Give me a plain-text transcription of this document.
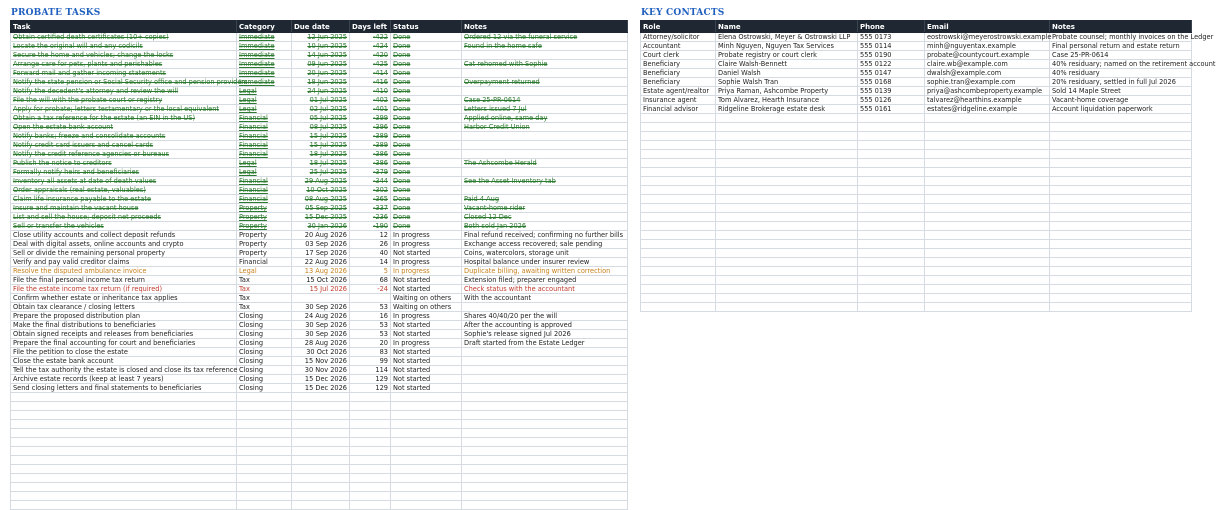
PROBATE TASKS	KEY CONTACTS
Task	Category	Due date	Days left	Status	Notes
Obtain certified death certificates (10+ copies)	Immediate	12 Jun 2025	-422	Done	Ordered 12 via the funeral service
Locate the original will and any codicils	Immediate	10 Jun 2025	-424	Done	Found in the home safe
Secure the home and vehicles; change the locks	Immediate	14 Jun 2025	-420	Done	
Arrange care for pets, plants and perishables	Immediate	09 Jun 2025	-425	Done	Cat rehomed with Sophie
Forward mail and gather incoming statements	Immediate	20 Jun 2025	-414	Done	
Notify the state pension or Social Security office and pension providers	Immediate	18 Jun 2025	-416	Done	Overpayment returned
Notify the decedent's attorney and review the will	Legal	24 Jun 2025	-410	Done	
File the will with the probate court or registry	Legal	01 Jul 2025	-402	Done	Case 25-PR-0614
Apply for probate; letters testamentary or the local equivalent	Legal	02 Jul 2025	-401	Done	Letters issued 7 Jul
Obtain a tax reference for the estate (an EIN in the US)	Financial	05 Jul 2025	-399	Done	Applied online, same day
Open the estate bank account	Financial	08 Jul 2025	-396	Done	Harbor Credit Union
Notify banks; freeze and consolidate accounts	Financial	15 Jul 2025	-389	Done	
Notify credit card issuers and cancel cards	Financial	15 Jul 2025	-389	Done	
Notify the credit reference agencies or bureaus	Financial	18 Jul 2025	-386	Done	
Publish the notice to creditors	Legal	18 Jul 2025	-386	Done	The Ashcombe Herald
Formally notify heirs and beneficiaries	Legal	25 Jul 2025	-379	Done	
Inventory all assets at date of death values	Financial	29 Aug 2025	-344	Done	See the Asset Inventory tab
Order appraisals (real estate, valuables)	Financial	10 Oct 2025	-302	Done	
Claim life insurance payable to the estate	Financial	08 Aug 2025	-365	Done	Paid 4 Aug
Insure and maintain the vacant house	Property	05 Sep 2025	-337	Done	Vacant-home rider
List and sell the house; deposit net proceeds	Property	15 Dec 2025	-236	Done	Closed 12 Dec
Sell or transfer the vehicles	Property	30 Jan 2026	-190	Done	Both sold Jan 2026
Close utility accounts and collect deposit refunds	Property	20 Aug 2026	12	In progress	Final refund received; confirming no further bills
Deal with digital assets, online accounts and crypto	Property	03 Sep 2026	26	In progress	Exchange access recovered; sale pending
Sell or divide the remaining personal property	Property	17 Sep 2026	40	Not started	Coins, watercolors, storage unit
Verify and pay valid creditor claims	Financial	22 Aug 2026	14	In progress	Hospital balance under insurer review
Resolve the disputed ambulance invoice	Legal	13 Aug 2026	5	In progress	Duplicate billing, awaiting written correction
File the final personal income tax return	Tax	15 Oct 2026	68	Not started	Extension filed; preparer engaged
File the estate income tax return (if required)	Tax	15 Jul 2026	-24	Not started	Check status with the accountant
Confirm whether estate or inheritance tax applies	Tax			Waiting on others	With the accountant
Obtain tax clearance / closing letters	Tax	30 Sep 2026	53	Waiting on others	
Prepare the proposed distribution plan	Closing	24 Aug 2026	16	In progress	Shares 40/40/20 per the will
Make the final distributions to beneficiaries	Closing	30 Sep 2026	53	Not started	After the accounting is approved
Obtain signed receipts and releases from beneficiaries	Closing	30 Sep 2026	53	Not started	Sophie's release signed Jul 2026
Prepare the final accounting for court and beneficiaries	Closing	28 Aug 2026	20	In progress	Draft started from the Estate Ledger
File the petition to close the estate	Closing	30 Oct 2026	83	Not started	
Close the estate bank account	Closing	15 Nov 2026	99	Not started	
Tell the tax authority the estate is closed and close its tax reference	Closing	30 Nov 2026	114	Not started	
Archive estate records (keep at least 7 years)	Closing	15 Dec 2026	129	Not started	
Send closing letters and final statements to beneficiaries	Closing	15 Dec 2026	129	Not started	

Role	Name	Phone	Email	Notes
Attorney/solicitor	Elena Ostrowski, Meyer & Ostrowski LLP	555 0173	eostrowski@meyerostrowski.example	Probate counsel; monthly invoices on the Ledger
Accountant	Minh Nguyen, Nguyen Tax Services	555 0114	minh@nguyentax.example	Final personal return and estate return
Court clerk	Probate registry or court clerk	555 0190	probate@countycourt.example	Case 25-PR-0614
Beneficiary	Claire Walsh-Bennett	555 0122	claire.wb@example.com	40% residuary; named on the retirement account
Beneficiary	Daniel Walsh	555 0147	dwalsh@example.com	40% residuary
Beneficiary	Sophie Walsh Tran	555 0168	sophie.tran@example.com	20% residuary, settled in full Jul 2026
Estate agent/realtor	Priya Raman, Ashcombe Property	555 0139	priya@ashcombeproperty.example	Sold 14 Maple Street
Insurance agent	Tom Alvarez, Hearth Insurance	555 0126	talvarez@hearthins.example	Vacant-home coverage
Financial advisor	Ridgeline Brokerage estate desk	555 0161	estates@ridgeline.example	Account liquidation paperwork
